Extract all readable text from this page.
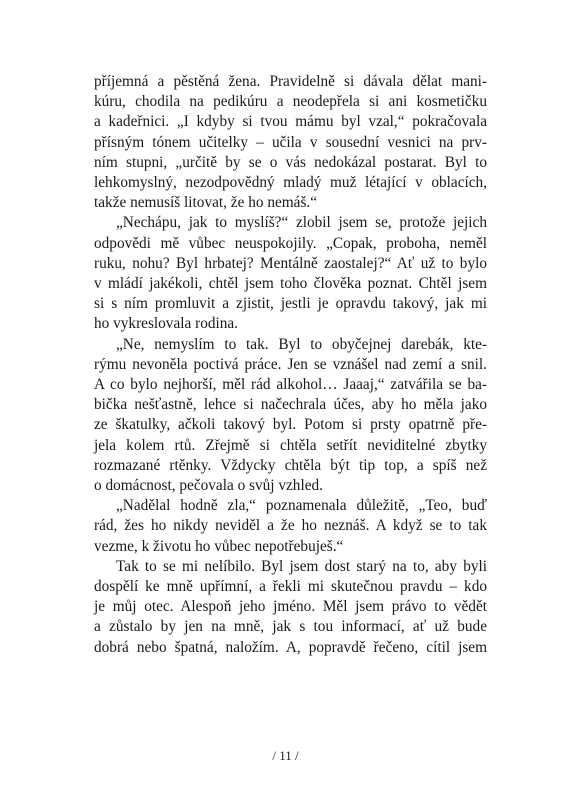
příjemná a pěstěná žena. Pravidelně si dávala dělat mani-
kúru, chodila na pedikúru a neodepřela si ani kosmetičku
a kadeřnici. „I kdyby si tvou mámu byl vzal,“ pokračovala
přísným tónem učitelky – učila v sousední vesnici na prv-
ním stupni, „určitě by se o vás nedokázal postarat. Byl to
lehkomyslný, nezodpovědný mladý muž létající v oblacích,
takže nemusíš litovat, že ho nemáš.“
„Nechápu, jak to myslíš?“ zlobil jsem se, protože jejich
odpovědi mě vůbec neuspokojily. „Copak, proboha, neměl
ruku, nohu? Byl hrbatej? Mentálně zaostalej?“ Ať už to bylo
v mládí jakékoli, chtěl jsem toho člověka poznat. Chtěl jsem
si s ním promluvit a zjistit, jestli je opravdu takový, jak mi
ho vykreslovala rodina.
„Ne, nemyslím to tak. Byl to obyčejnej darebák, kte-
rýmu nevoněla poctivá práce. Jen se vznášel nad zemí a snil.
A co bylo nejhorší, měl rád alkohol… Jaaaj,“ zatvářila se ba-
bička nešťastně, lehce si načechrala účes, aby ho měla jako
ze škatulky, ačkoli takový byl. Potom si prsty opatrně pře-
jela kolem rtů. Zřejmě si chtěla setřít neviditelné zbytky
rozmazané rtěnky. Vždycky chtěla být tip top, a spíš než
o domácnost, pečovala o svůj vzhled.
„Nadělal hodně zla,“ poznamenala důležitě, „Teo, buď
rád, žes ho nikdy neviděl a že ho neznáš. A když se to tak
vezme, k životu ho vůbec nepotřebuješ.“
Tak to se mi nelíbilo. Byl jsem dost starý na to, aby byli
dospělí ke mně upřímní, a řekli mi skutečnou pravdu – kdo
je můj otec. Alespoň jeho jméno. Měl jsem právo to vědět
a zůstalo by jen na mně, jak s tou informací, ať už bude
dobrá nebo špatná, naložím. A, popravdě řečeno, cítil jsem
/ 11 /
